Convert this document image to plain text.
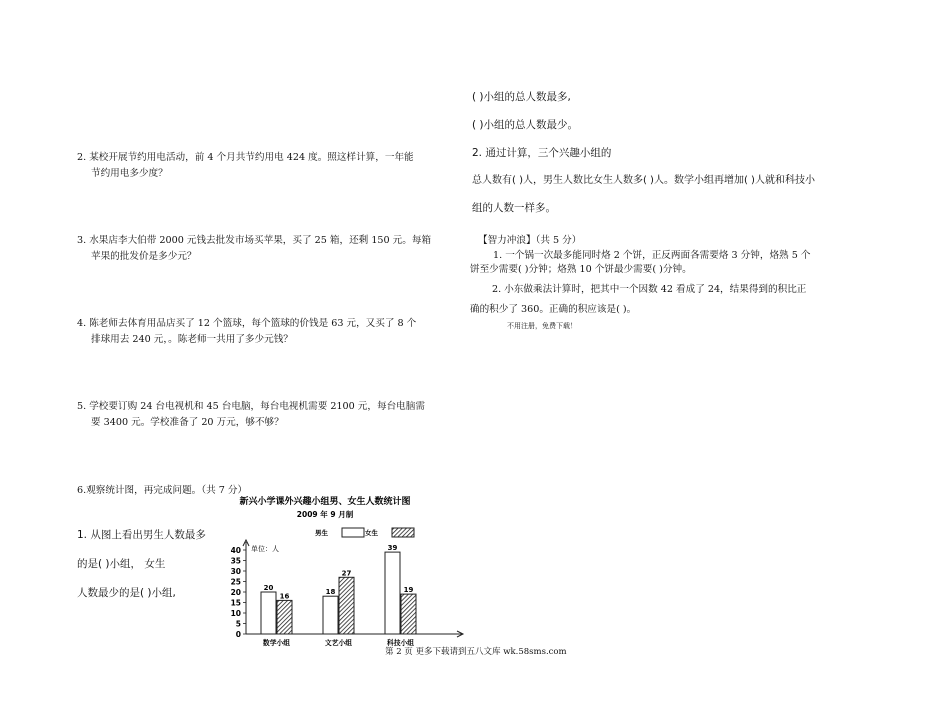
2. 某校开展节约用电活动，前 4 个月共节约用电 424 度。照这样计算，一年能
节约用电多少度？
3. 水果店李大伯带 2000 元钱去批发市场买苹果，买了 25 箱，还剩 150 元。每箱
苹果的批发价是多少元？
4. 陈老师去体育用品店买了 12 个篮球，每个篮球的价钱是 63 元，又买了 8 个
排球用去 240 元，。陈老师一共用了多少元钱？
5. 学校要订购 24 台电视机和 45 台电脑，每台电视机需要 2100 元，每台电脑需
要 3400 元。学校准备了 20 万元，够不够？
6.观察统计图，再完成问题。（共 7 分）
1. 从图上看出男生人数最多
的是( )小组， 女生
人数最少的是( )小组,
新兴小学课外兴趣小组男、女生人数统计图
2009 年 9 月制
男生	女生
单位：人
0
5
10
15
20
25
30
35
40
20
16
18
27
39
19
数学小组	文艺小组	科技小组
( )小组的总人数最多,
( )小组的总人数最少。
2. 通过计算，三个兴趣小组的
总人数有( )人，男生人数比女生人数多( )人。数学小组再增加( )人就和科技小
组的人数一样多。
【智力冲浪】（共 5 分）
1. 一个锅一次最多能同时烙 2 个饼，正反两面各需要烙 3 分钟，烙熟 5 个
饼至少需要( )分钟；烙熟 10 个饼最少需要( )分钟。
2. 小东做乘法计算时，把其中一个因数 42 看成了 24，结果得到的积比正
确的积少了 360。正确的积应该是( )。
不用注册，免费下载！
第 2 页 更多下载请到五八文库 wk.58sms.com
